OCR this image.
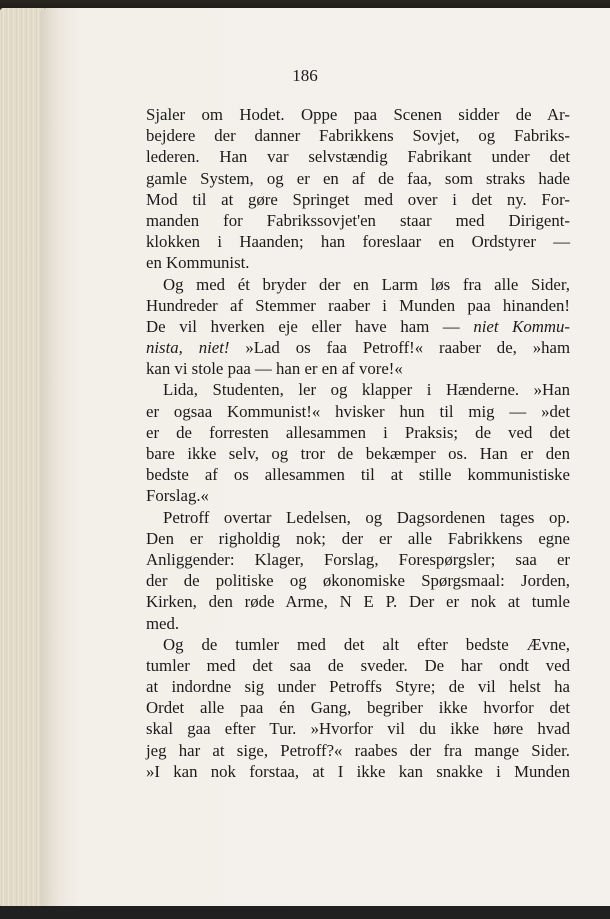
186
Sjaler om Hodet. Oppe paa Scenen sidder de Ar-
bejdere der danner Fabrikkens Sovjet, og Fabriks-
lederen. Han var selvstændig Fabrikant under det
gamle System, og er en af de faa, som straks hade
Mod til at gøre Springet med over i det ny. For-
manden for Fabrikssovjet'en staar med Dirigent-
klokken i Haanden; han foreslaar en Ordstyrer —
en Kommunist.
Og med ét bryder der en Larm løs fra alle Sider,
Hundreder af Stemmer raaber i Munden paa hinanden!
De vil hverken eje eller have ham — niet Kommu-
nista, niet! »Lad os faa Petroff!« raaber de, »ham
kan vi stole paa — han er en af vore!«
Lida, Studenten, ler og klapper i Hænderne. »Han
er ogsaa Kommunist!« hvisker hun til mig — »det
er de forresten allesammen i Praksis; de ved det
bare ikke selv, og tror de bekæmper os. Han er den
bedste af os allesammen til at stille kommunistiske
Forslag.«
Petroff overtar Ledelsen, og Dagsordenen tages op.
Den er righoldig nok; der er alle Fabrikkens egne
Anliggender: Klager, Forslag, Forespørgsler; saa er
der de politiske og økonomiske Spørgsmaal: Jorden,
Kirken, den røde Arme, N E P. Der er nok at tumle
med.
Og de tumler med det alt efter bedste Ævne,
tumler med det saa de sveder. De har ondt ved
at indordne sig under Petroffs Styre; de vil helst ha
Ordet alle paa én Gang, begriber ikke hvorfor det
skal gaa efter Tur. »Hvorfor vil du ikke høre hvad
jeg har at sige, Petroff?« raabes der fra mange Sider.
»I kan nok forstaa, at I ikke kan snakke i Munden
